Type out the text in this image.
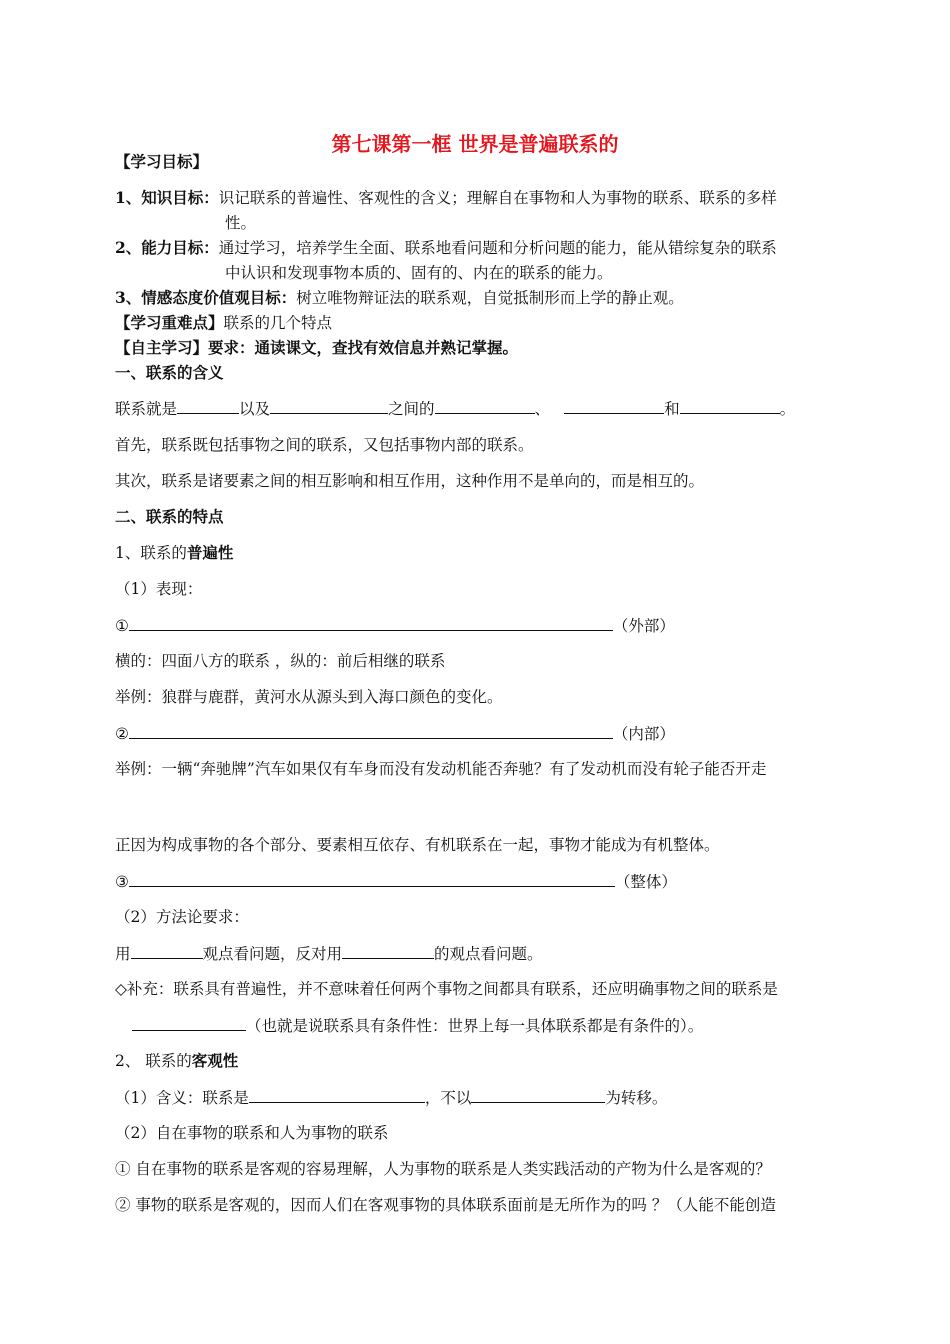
第七课第一框 世界是普遍联系的
【学习目标】
1、知识目标：识记联系的普遍性、客观性的含义；理解自在事物和人为事物的联系、联系的多样
性。
2、能力目标：通过学习，培养学生全面、联系地看问题和分析问题的能力，能从错综复杂的联系
中认识和发现事物本质的、固有的、内在的联系的能力。
3、情感态度价值观目标：树立唯物辩证法的联系观，自觉抵制形而上学的静止观。
【学习重难点】联系的几个特点
【自主学习】要求：通读课文，查找有效信息并熟记掌握。
一、联系的含义
联系就是	以及	之间的	、	和	。
首先，联系既包括事物之间的联系，又包括事物内部的联系。
其次，联系是诸要素之间的相互影响和相互作用，这种作用不是单向的，而是相互的。
二、联系的特点
1、联系的普遍性
（1）表现：
①	（外部）
横的：四面八方的联系 ，纵的：前后相继的联系
举例：狼群与鹿群，黄河水从源头到入海口颜色的变化。
②	（内部）
举例：一辆“奔驰牌”汽车如果仅有车身而没有发动机能否奔驰？有了发动机而没有轮子能否开走
正因为构成事物的各个部分、要素相互依存、有机联系在一起，事物才能成为有机整体。
③	（整体）
（2）方法论要求：
用	观点看问题，反对用	的观点看问题。
◇补充：联系具有普遍性，并不意味着任何两个事物之间都具有联系，还应明确事物之间的联系是
（也就是说联系具有条件性：世界上每一具体联系都是有条件的）。
2、 联系的客观性
（1）含义：联系是	，不以	为转移。
（2）自在事物的联系和人为事物的联系
① 自在事物的联系是客观的容易理解，人为事物的联系是人类实践活动的产物为什么是客观的？
② 事物的联系是客观的，因而人们在客观事物的具体联系面前是无所作为的吗 ？（人能不能创造
